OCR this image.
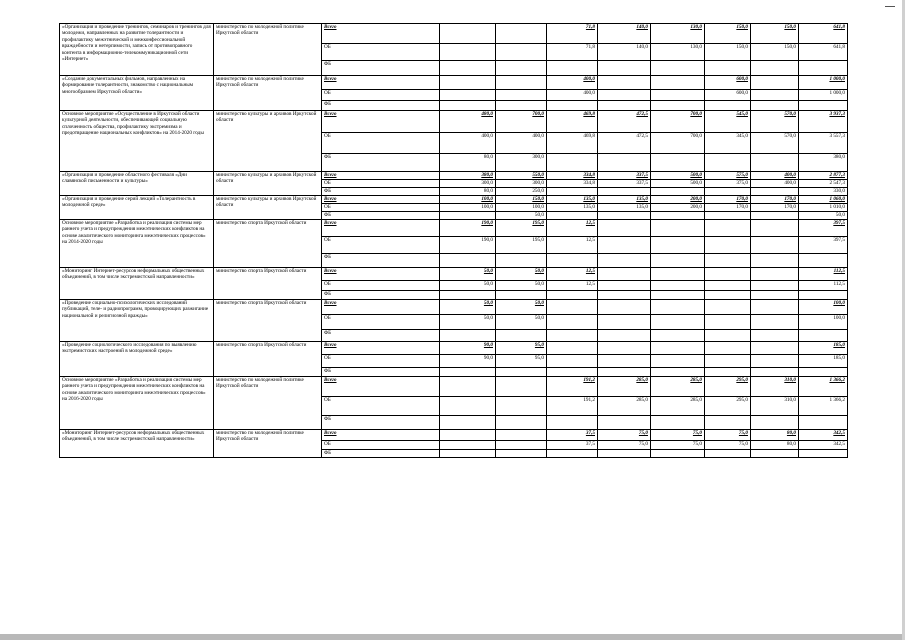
«Организация и проведение тренингов, семинаров и тренингов для молодежи, направленных на развитие толерантности и профилактику межэтнической и межконфессиональной враждебности и нетерпимости, запись от противоправного контента в информационно-телекоммуникационной сети «Интернет»	министерство по молодежной политике Иркутской области	Всего			71,8	140,0	130,0	150,0	150,0	641,8
		ОБ			71,8	140,0	130,0	150,0	150,0	641,8
		ФБ								
«Создание документальных фильмов, направленных на формирование толерантности, знакомство с национальным многообразием Иркутской области»	министерство по молодежной политике Иркутской области	Всего			400,0			600,0		1 000,0
		ОБ			400,0			600,0		1 000,0
		ФБ								
Основное мероприятие «Осуществление в Иркутской области культурной деятельности, обеспечивающей социальную сплоченность общества, профилактику экстремизма и предотвращение национальных конфликтов» на 2014-2020 годы	министерство культуры и архивов Иркутской области	Всего	480,0	700,0	469,8	472,5	700,0	545,0	570,0	3 937,3
		ОБ	400,0	400,0	469,8	472,5	700,0	345,0	570,0	3 557,3
		ФБ	80,0	300,0						380,0
«Организация и проведение областного фестиваля «Дни славянской письменности и культуры»	министерство культуры и архивов Иркутской области	Всего	380,0	550,0	334,8	337,5	500,0	575,0	400,0	2 877,3
		ОБ	300,0	300,0	334,8	337,5	500,0	375,0	400,0	2 547,3
		ФБ	80,0	250,0						330,0
«Организация и проведение серий лекций «Толерантность в молодежной среде»	министерство культуры и архивов Иркутской области	Всего	100,0	150,0	135,0	135,0	200,0	170,0	170,0	1 060,0
		ОБ	100,0	100,0	135,0	135,0	200,0	170,0	170,0	1 010,0
		ФБ		50,0						50,0
Основное мероприятие «Разработка и реализация системы мер раннего учета и предупреждения межэтнических конфликтов на основе аналитического мониторинга межэтнических процессов» на 2014-2020 годы	министерство спорта Иркутской области	Всего	190,0	195,0	12,5					397,5
		ОБ	190,0	195,0	12,5					397,5
		ФБ								
«Мониторинг Интернет-ресурсов неформальных общественных объединений, в том числе экстремистской направленности»	министерство спорта Иркутской области	Всего	50,0	50,0	12,5					112,5
		ОБ	50,0	50,0	12,5					112,5
		ФБ								
«Проведение социально-психологических исследований публикаций, теле- и радиопрограмм, провоцирующих разжигание национальной и религиозной вражды»	министерство спорта Иркутской области	Всего	50,0	50,0						100,0
		ОБ	50,0	50,0						100,0
		ФБ								
«Проведение социологического исследования по выявлению экстремистских настроений в молодежной среде»	министерство спорта Иркутской области	Всего	90,0	95,0						185,0
		ОБ	90,0	95,0						185,0
		ФБ								
Основное мероприятие «Разработка и реализация системы мер раннего учета и предупреждения межэтнических конфликтов на основе аналитического мониторинга межэтнических процессов» на 2016-2020 годы	министерство по молодежной политике Иркутской области	Всего			191,2	285,0	285,0	295,0	310,0	1 366,2
		ОБ			191,2	285,0	285,0	295,0	310,0	1 366,2
		ФБ								
«Мониторинг Интернет-ресурсов неформальных общественных объединений, в том числе экстремистской направленности»	министерство по молодежной политике Иркутской области	Всего			37,5	75,0	75,0	75,0	80,0	342,5
		ОБ			37,5	75,0	75,0	75,0	80,0	342,5
		ФБ								
